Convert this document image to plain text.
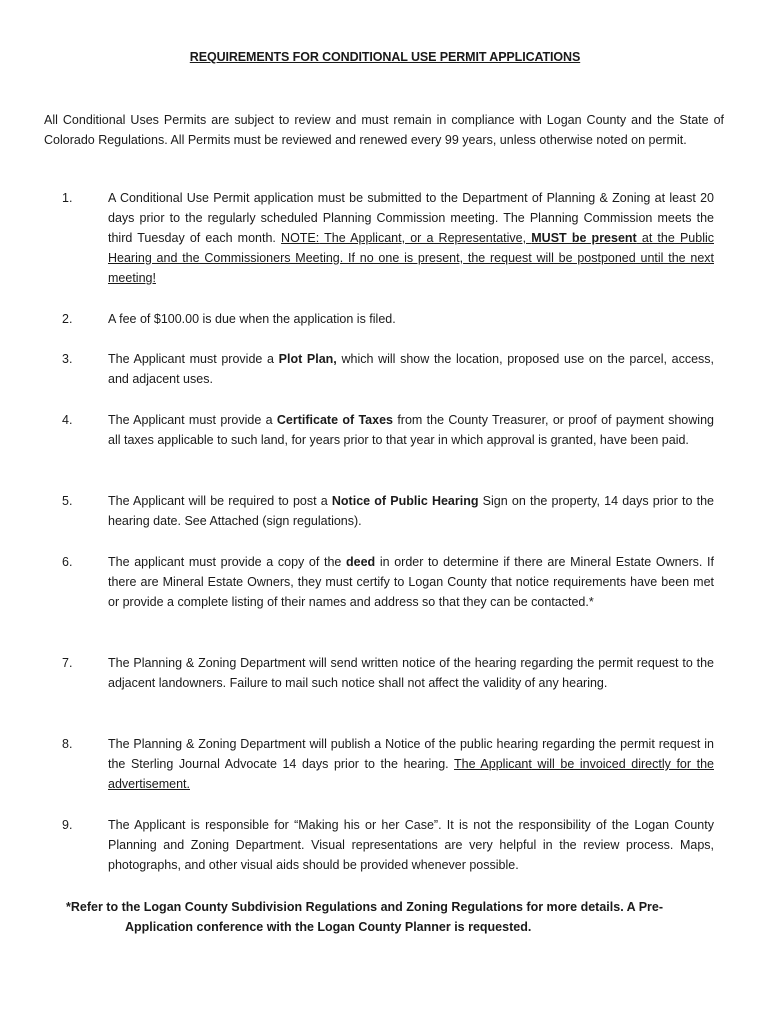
REQUIREMENTS FOR CONDITIONAL USE PERMIT APPLICATIONS
All Conditional Uses Permits are subject to review and must remain in compliance with Logan County and the State of Colorado Regulations. All Permits must be reviewed and renewed every 99 years, unless otherwise noted on permit.
1.	A Conditional Use Permit application must be submitted to the Department of Planning & Zoning at least 20 days prior to the regularly scheduled Planning Commission meeting. The Planning Commission meets the third Tuesday of each month. NOTE: The Applicant, or a Representative, MUST be present at the Public Hearing and the Commissioners Meeting. If no one is present, the request will be postponed until the next meeting!
2.	A fee of $100.00 is due when the application is filed.
3.	The Applicant must provide a Plot Plan, which will show the location, proposed use on the parcel, access, and adjacent uses.
4.	The Applicant must provide a Certificate of Taxes from the County Treasurer, or proof of payment showing all taxes applicable to such land, for years prior to that year in which approval is granted, have been paid.
5.	The Applicant will be required to post a Notice of Public Hearing Sign on the property, 14 days prior to the hearing date. See Attached (sign regulations).
6.	The applicant must provide a copy of the deed in order to determine if there are Mineral Estate Owners. If there are Mineral Estate Owners, they must certify to Logan County that notice requirements have been met or provide a complete listing of their names and address so that they can be contacted.*
7.	The Planning & Zoning Department will send written notice of the hearing regarding the permit request to the adjacent landowners. Failure to mail such notice shall not affect the validity of any hearing.
8.	The Planning & Zoning Department will publish a Notice of the public hearing regarding the permit request in the Sterling Journal Advocate 14 days prior to the hearing. The Applicant will be invoiced directly for the advertisement.
9.	The Applicant is responsible for “Making his or her Case”. It is not the responsibility of the Logan County Planning and Zoning Department. Visual representations are very helpful in the review process. Maps, photographs, and other visual aids should be provided whenever possible.
*Refer to the Logan County Subdivision Regulations and Zoning Regulations for more details. A Pre-
Application conference with the Logan County Planner is requested.
